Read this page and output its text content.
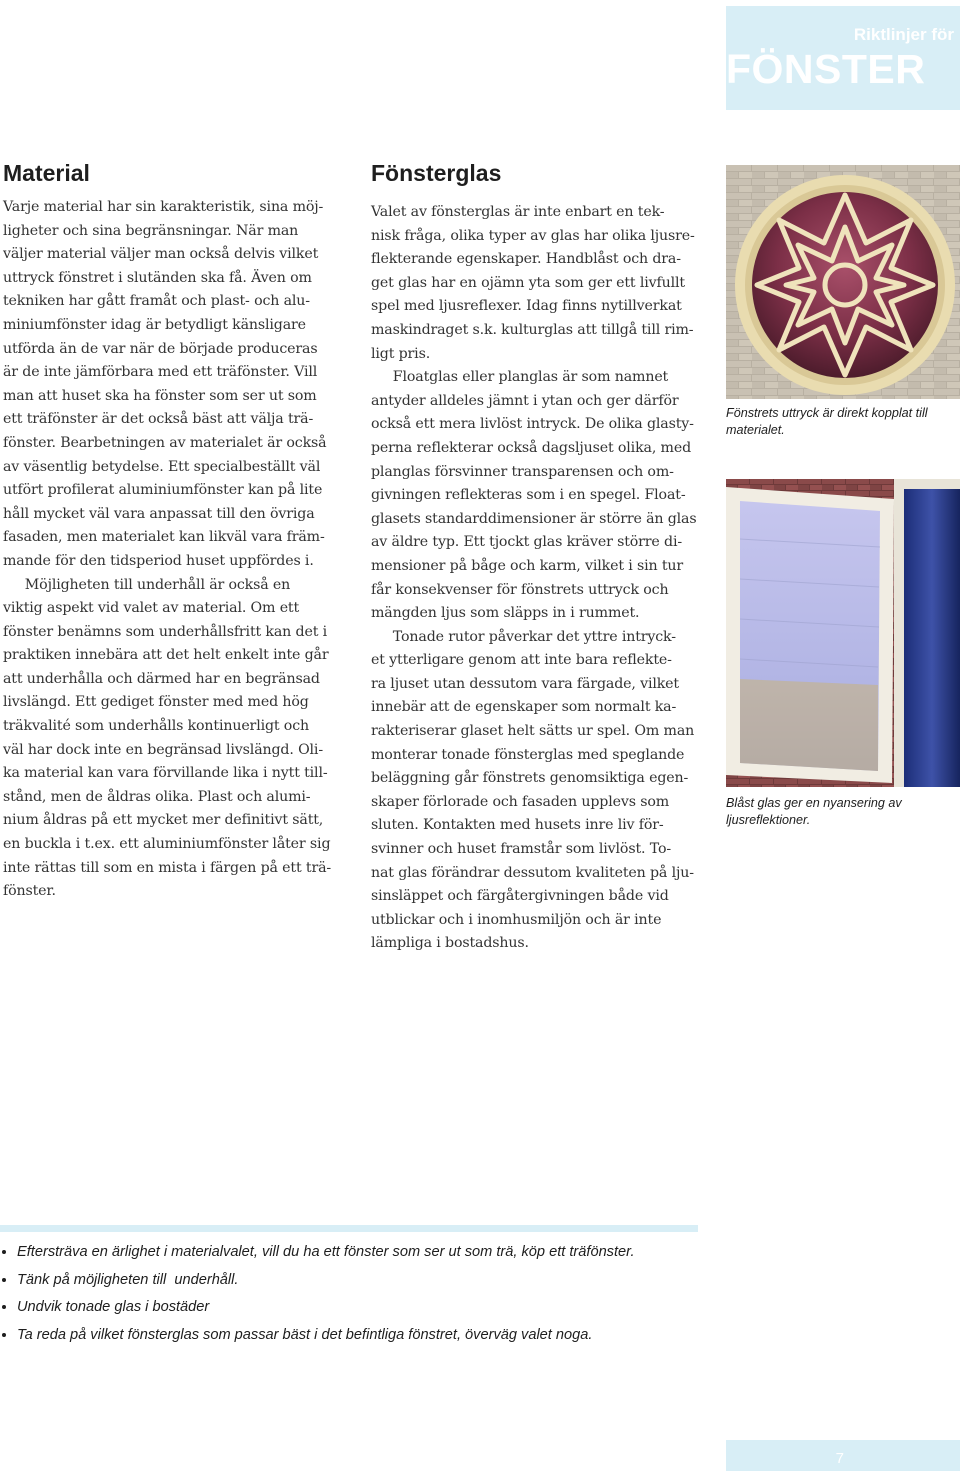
Riktlinjer för
FÖNSTER
Material
Varje material har sin karakteristik, sina möj-
ligheter och sina begränsningar. När man
väljer material väljer man också delvis vilket
uttryck fönstret i slutänden ska få. Även om
tekniken har gått framåt och plast- och alu-
miniumfönster idag är betydligt känsligare
utförda än de var när de började produceras
är de inte jämförbara med ett träfönster. Vill
man att huset ska ha fönster som ser ut som
ett träfönster är det också bäst att välja trä-
fönster. Bearbetningen av materialet är också
av väsentlig betydelse. Ett specialbeställt väl
utfört profilerat aluminiumfönster kan på lite
håll mycket väl vara anpassat till den övriga
fasaden, men materialet kan likväl vara främ-
mande för den tidsperiod huset uppfördes i.
Möjligheten till underhåll är också en
viktig aspekt vid valet av material. Om ett
fönster benämns som underhållsfritt kan det i
praktiken innebära att det helt enkelt inte går
att underhålla och därmed har en begränsad
livslängd. Ett gediget fönster med med hög
träkvalité som underhålls kontinuerligt och
väl har dock inte en begränsad livslängd. Oli-
ka material kan vara förvillande lika i nytt till-
stånd, men de åldras olika. Plast och alumi-
nium åldras på ett mycket mer definitivt sätt,
en buckla i t.ex. ett aluminiumfönster låter sig
inte rättas till som en mista i färgen på ett trä-
fönster.
Fönsterglas
Valet av fönsterglas är inte enbart en tek-
nisk fråga, olika typer av glas har olika ljusre-
flekterande egenskaper. Handblåst och dra-
get glas har en ojämn yta som ger ett livfullt
spel med ljusreflexer. Idag finns nytillverkat
maskindraget s.k. kulturglas att tillgå till rim-
ligt pris.
Floatglas eller planglas är som namnet
antyder alldeles jämnt i ytan och ger därför
också ett mera livlöst intryck. De olika glasty-
perna reflekterar också dagsljuset olika, med
planglas försvinner transparensen och om-
givningen reflekteras som i en spegel. Float-
glasets standarddimensioner är större än glas
av äldre typ. Ett tjockt glas kräver större di-
mensioner på båge och karm, vilket i sin tur
får konsekvenser för fönstrets uttryck och
mängden ljus som släpps in i rummet.
Tonade rutor påverkar det yttre intryck-
et ytterligare genom att inte bara reflekte-
ra ljuset utan dessutom vara färgade, vilket
innebär att de egenskaper som normalt ka-
rakteriserar glaset helt sätts ur spel. Om man
monterar tonade fönsterglas med speglande
beläggning går fönstrets genomsiktiga egen-
skaper förlorade och fasaden upplevs som
sluten. Kontakten med husets inre liv för-
svinner och huset framstår som livlöst. To-
nat glas förändrar dessutom kvaliteten på lju-
sinsläppet och färgåtergivningen både vid
utblickar och i inomhusmiljön och är inte
lämpliga i bostadshus.

Fönstrets uttryck är direkt kopplat till materialet.

Blåst glas ger en nyansering av ljusreflektioner.

Eftersträva en ärlighet i materialvalet, vill du ha ett fönster som ser ut som trä, köp ett träfönster.
Tänk på möjligheten till  underhåll.
Undvik tonade glas i bostäder
Ta reda på vilket fönsterglas som passar bäst i det befintliga fönstret, överväg valet noga.
7
